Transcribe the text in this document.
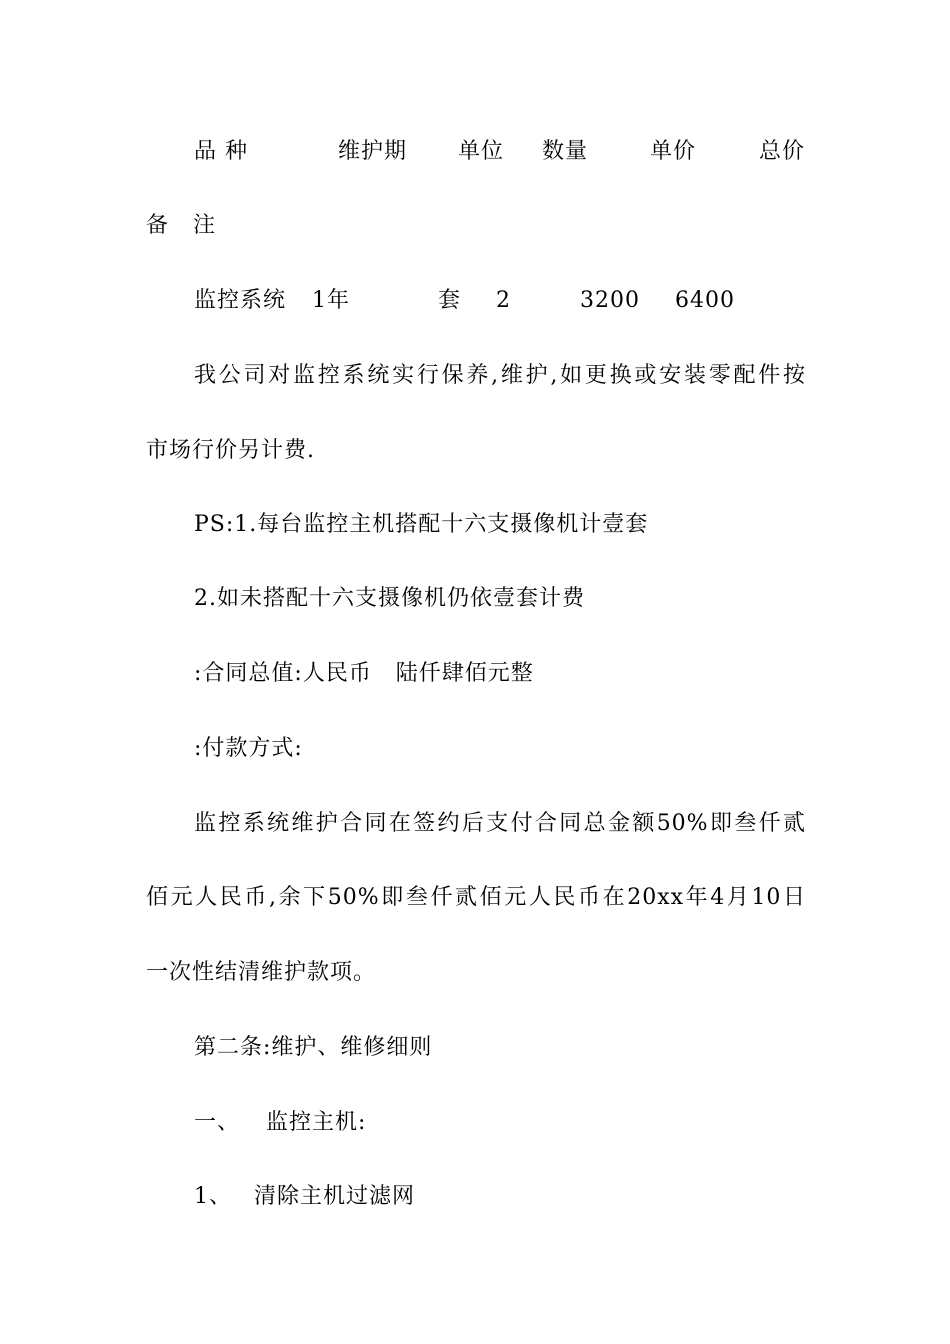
品 种	维护期 单位 数量	单价	总价
备   注
监控系统 1年	套 2	3200 6400
我公司对监控系统实行保养,维护,如更换或安装零配件按
市场行价另计费.
PS:1.每台监控主机搭配十六支摄像机计壹套
2.如未搭配十六支摄像机仍依壹套计费
:合同总值:人民币   陆仟肆佰元整
:付款方式:
监控系统维护合同在签约后支付合同总金额50%即叁仟贰
佰元人民币,余下50%即叁仟贰佰元人民币在20xx年4月10日
一次性结清维护款项。
第二条:维护、维修细则
一、 监控主机:
1、 清除主机过滤网
